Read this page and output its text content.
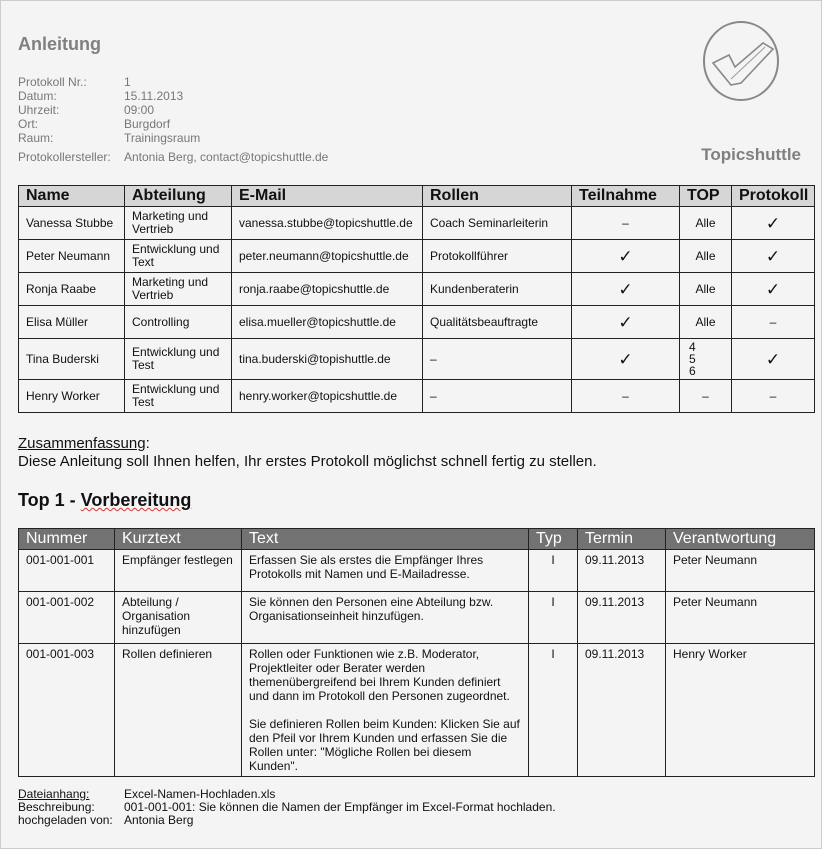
Anleitung
Protokoll Nr.:	1
Datum:	15.11.2013
Uhrzeit:	09:00
Ort:	Burgdorf
Raum:	Trainingsraum
Protokollersteller: Antonia Berg, contact@topicshuttle.de	Topicshuttle
Name	Abteilung	E-Mail	Rollen	Teilnahme	TOP	Protokoll
Vanessa Stubbe	Marketing und Vertrieb	vanessa.stubbe@topicshuttle.de	Coach Seminarleiterin	–	Alle	✓
Peter Neumann	Entwicklung und Text	peter.neumann@topicshuttle.de	Protokollführer	✓	Alle	✓
Ronja Raabe	Marketing und Vertrieb	ronja.raabe@topicshuttle.de	Kundenberaterin	✓	Alle	✓
Elisa Müller	Controlling	elisa.mueller@topicshuttle.de	Qualitätsbeauftragte	✓	Alle	–
Tina Buderski	Entwicklung und Test	tina.buderski@topishuttle.de	–	✓	4
5
6	✓
Henry Worker	Entwicklung und Test	henry.worker@topicshuttle.de	–	–	–	–
Zusammenfassung:
Diese Anleitung soll Ihnen helfen, Ihr erstes Protokoll möglichst schnell fertig zu stellen.
Top 1 - Vorbereitung
Nummer	Kurztext	Text	Typ	Termin	Verantwortung
001-001-001	Empfänger festlegen	Erfassen Sie als erstes die Empfänger Ihres Protokolls mit Namen und E-Mailadresse.	I	09.11.2013	Peter Neumann
001-001-002	Abteilung / Organisation hinzufügen	Sie können den Personen eine Abteilung bzw. Organisationseinheit hinzufügen.	I	09.11.2013	Peter Neumann
001-001-003	Rollen definieren	Rollen oder Funktionen wie z.B. Moderator, Projektleiter oder Berater werden themenübergreifend bei Ihrem Kunden definiert und dann im Protokoll den Personen zugeordnet.

Sie definieren Rollen beim Kunden: Klicken Sie auf den Pfeil vor Ihrem Kunden und erfassen Sie die Rollen unter: "Mögliche Rollen bei diesem Kunden".	I	09.11.2013	Henry Worker
Dateianhang:	Excel-Namen-Hochladen.xls
Beschreibung: 001-001-001: Sie können die Namen der Empfänger im Excel-Format hochladen.
hochgeladen von: Antonia Berg
